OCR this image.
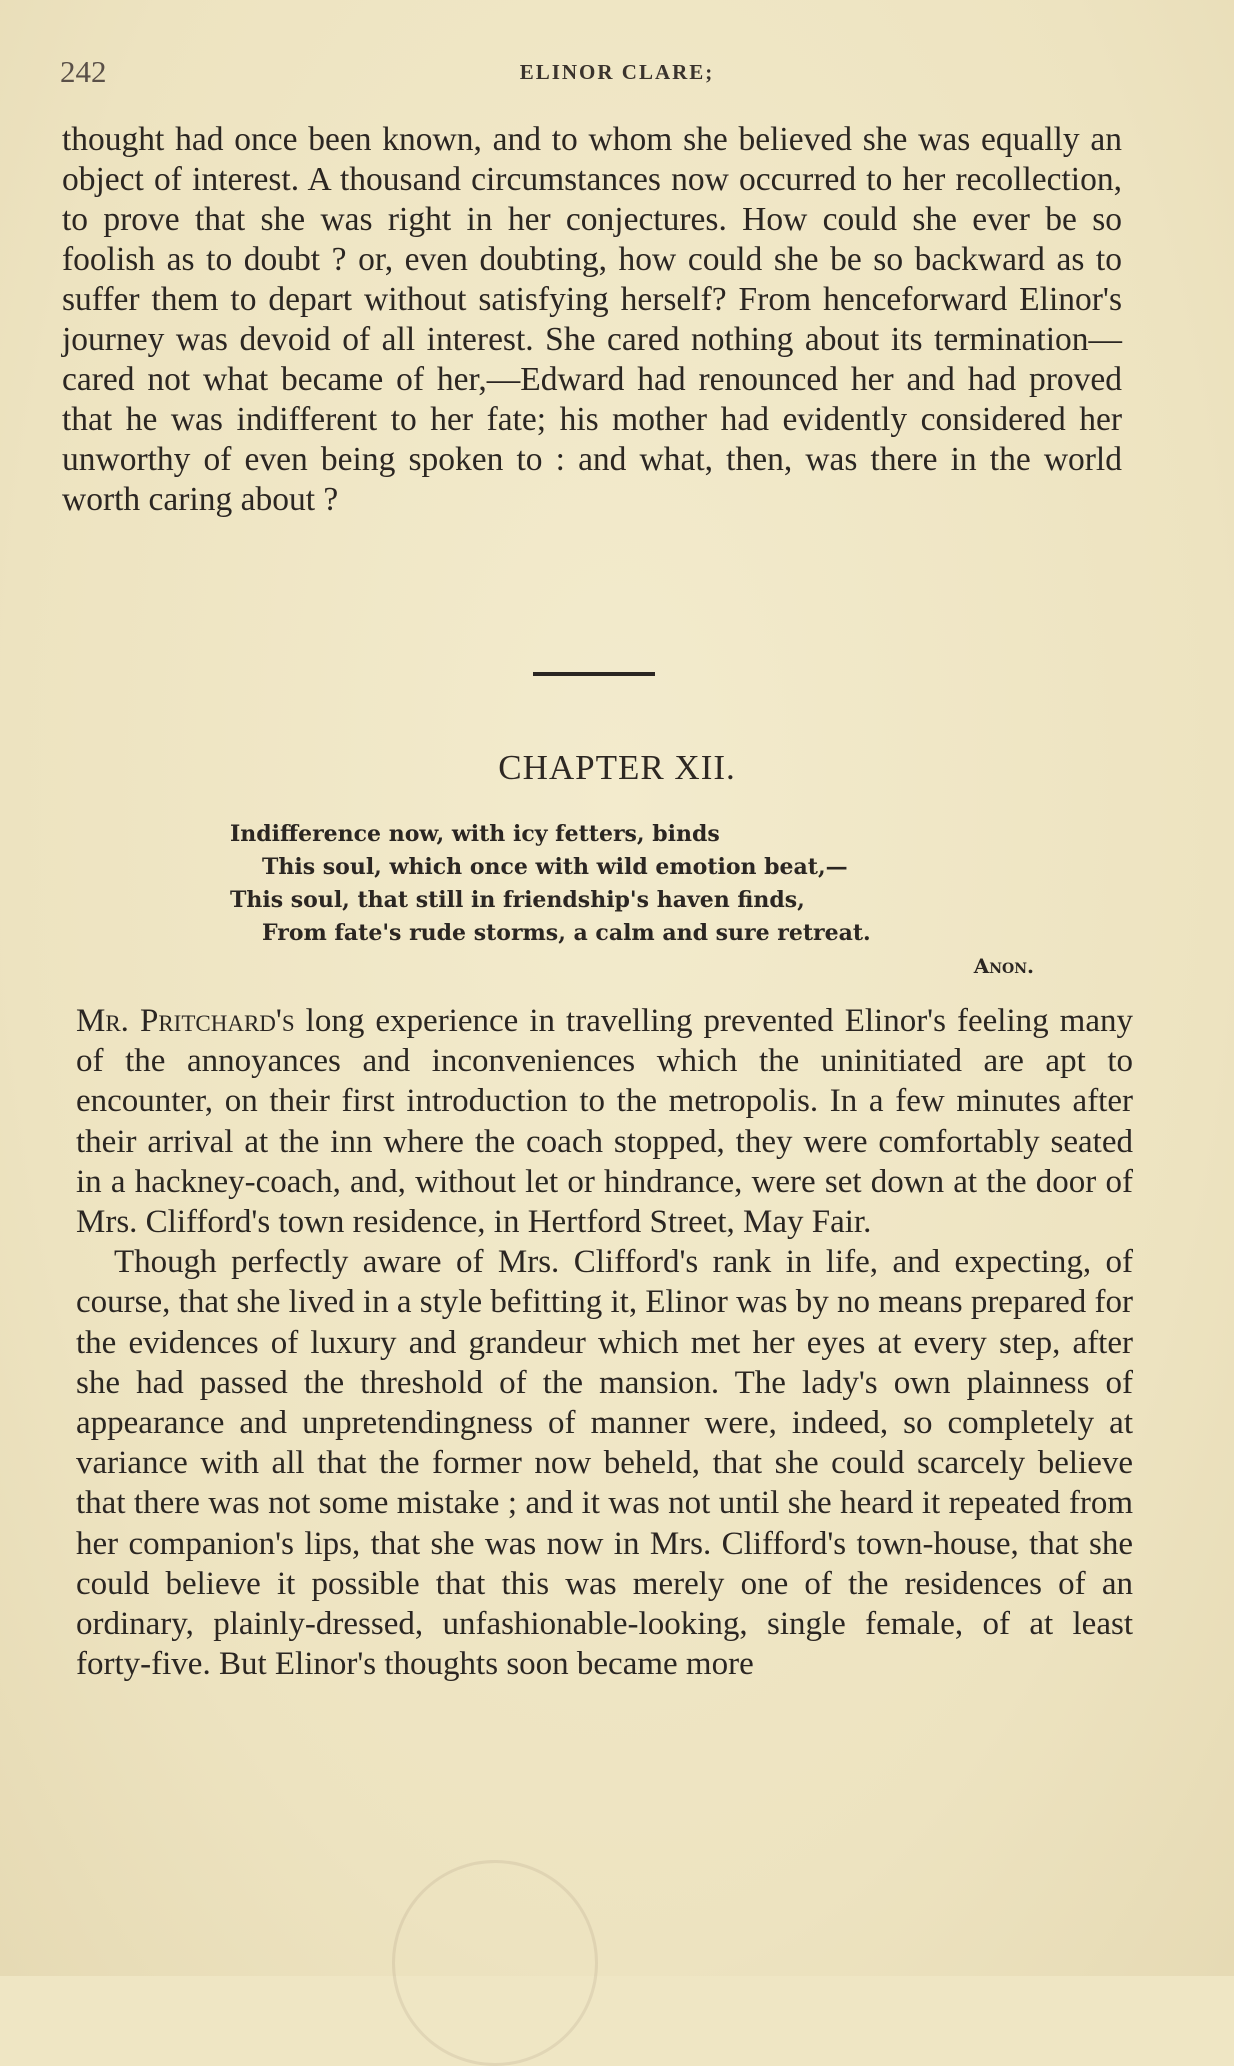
242	ELINOR CLARE;

thought had once been known, and to whom she believed she was equally an object of interest. A thousand circumstances now occurred to her recollection, to prove that she was right in her conjectures. How could she ever be so foolish as to doubt ? or, even doubting, how could she be so backward as to suffer them to depart without satisfying herself? From henceforward Elinor's journey was devoid of all interest. She cared nothing about its termination—cared not what became of her,—Edward had renounced her and had proved that he was indifferent to her fate; his mother had evidently considered her unworthy of even being spoken to : and what, then, was there in the world worth caring about ?

CHAPTER XII.
Indifference now, with icy fetters, binds
This soul, which once with wild emotion beat,—
This soul, that still in friendship's haven finds,
From fate's rude storms, a calm and sure retreat.
Anon.

Mr. Pritchard's long experience in travelling prevented Elinor's feeling many of the annoyances and inconveniences which the uninitiated are apt to encounter, on their first introduction to the metropolis. In a few minutes after their arrival at the inn where the coach stopped, they were comfortably seated in a hackney-coach, and, without let or hindrance, were set down at the door of Mrs. Clifford's town residence, in Hertford Street, May Fair.

Though perfectly aware of Mrs. Clifford's rank in life, and expecting, of course, that she lived in a style befitting it, Elinor was by no means prepared for the evidences of luxury and grandeur which met her eyes at every step, after she had passed the threshold of the mansion. The lady's own plainness of appearance and unpretendingness of manner were, indeed, so completely at variance with all that the former now beheld, that she could scarcely believe that there was not some mistake ; and it was not until she heard it repeated from her companion's lips, that she was now in Mrs. Clifford's town-house, that she could believe it possible that this was merely one of the residences of an ordinary, plainly-dressed, unfashionable-looking, single female, of at least forty-five. But Elinor's thoughts soon became more
